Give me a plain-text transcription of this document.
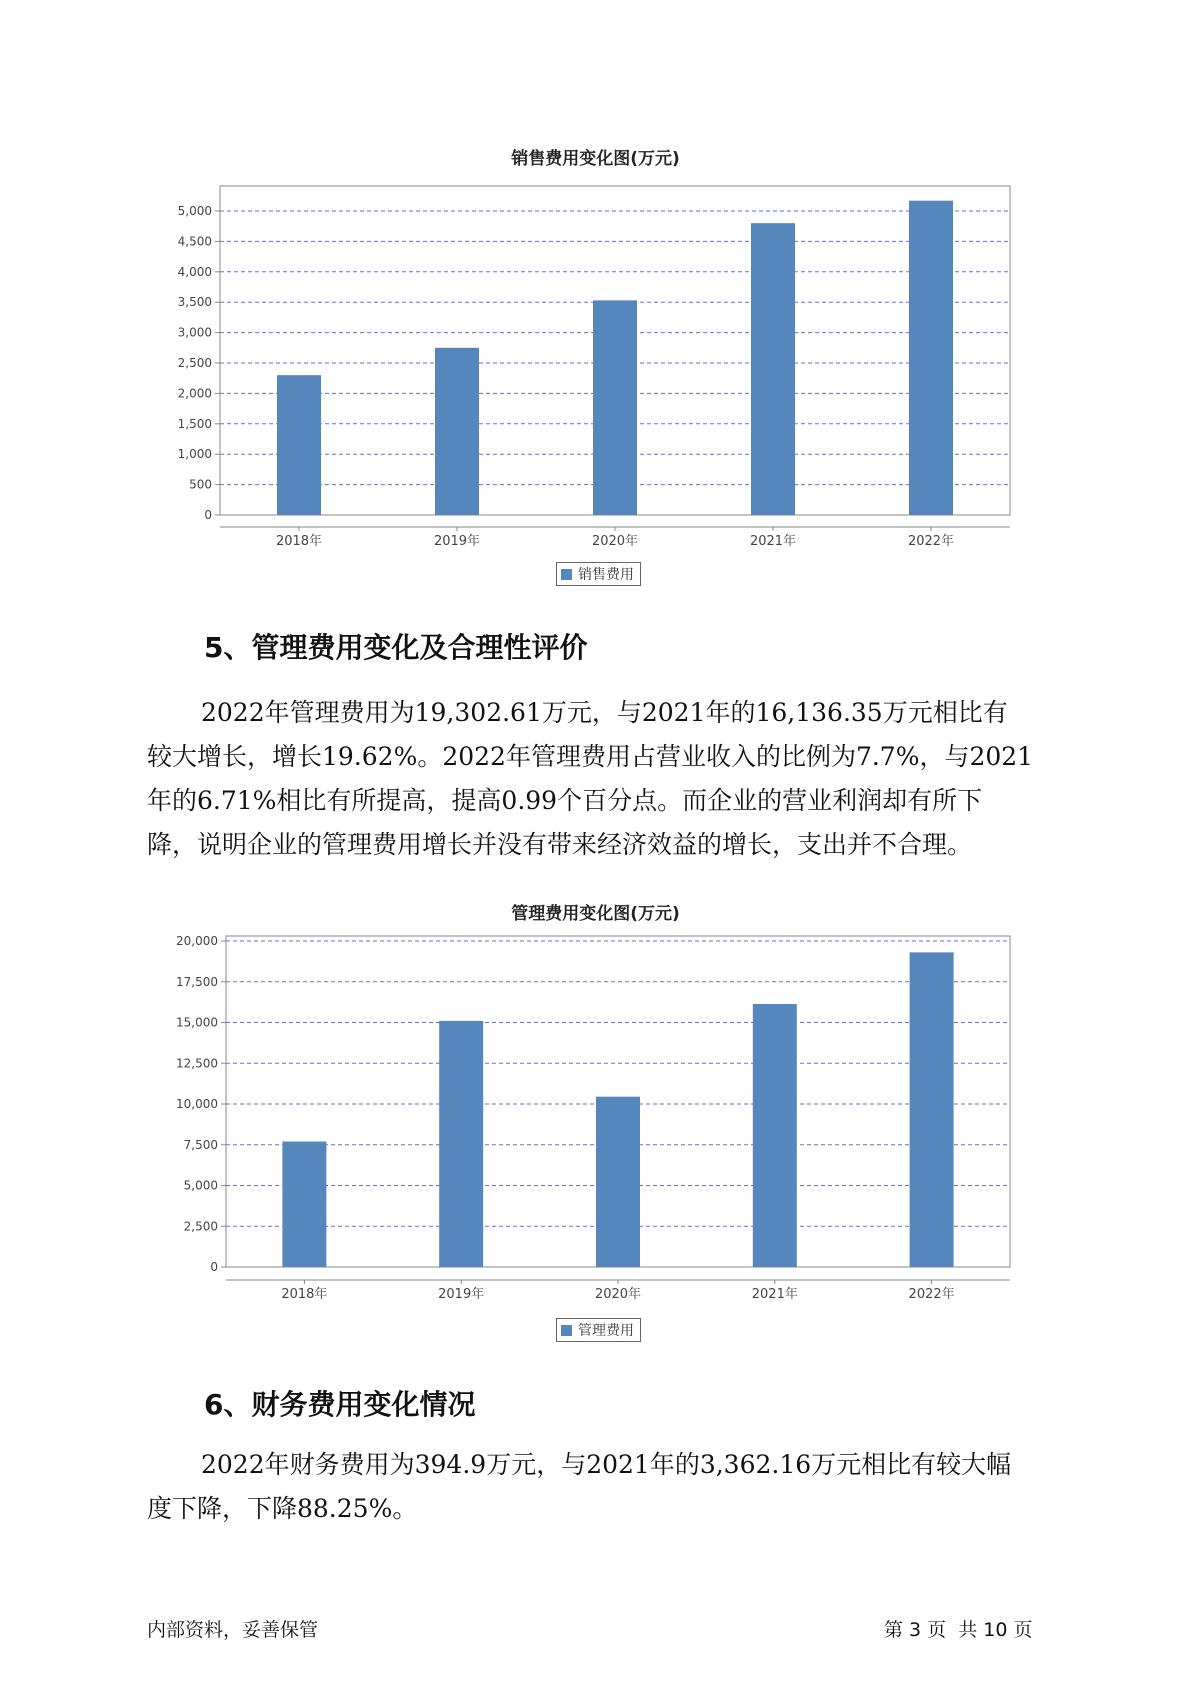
销售费用变化图(万元)
0
500
1,000
1,500
2,000
2,500
3,000
3,500
4,000
4,500
5,000
2018年	2019年	2020年	2021年	2022年
销售费用
5、管理费用变化及合理性评价
2022年管理费用为19,302.61万元，与2021年的16,136.35万元相比有
较大增长，增长19.62%。2022年管理费用占营业收入的比例为7.7%，与2021
年的6.71%相比有所提高，提高0.99个百分点。而企业的营业利润却有所下
降，说明企业的管理费用增长并没有带来经济效益的增长，支出并不合理。
管理费用变化图(万元)
0
2,500
5,000
7,500
10,000
12,500
15,000
17,500
20,000
2018年	2019年	2020年	2021年	2022年
管理费用
6、财务费用变化情况
2022年财务费用为394.9万元，与2021年的3,362.16万元相比有较大幅
度下降，下降88.25%。
内部资料，妥善保管	第 3 页  共 10 页
